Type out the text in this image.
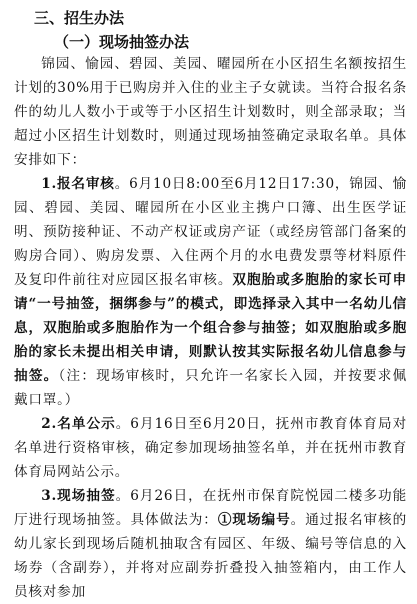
三、招生办法
（一）现场抽签办法

锦园、愉园、碧园、美园、曜园所在小区招生名额按招生计划的30%用于已购房并入住的业主子女就读。当符合报名条件的幼儿人数小于或等于小区招生计划数时，则全部录取；当超过小区招生计划数时，则通过现场抽签确定录取名单。具体安排如下：

1.报名审核。6月10日8:00至6月12日17:30，锦园、愉园、碧园、美园、曜园所在小区业主携户口簿、出生医学证明、预防接种证、不动产权证或房产证（或经房管部门备案的购房合同）、购房发票、入住两个月的水电费发票等材料原件及复印件前往对应园区报名审核。双胞胎或多胞胎的家长可申请“一号抽签，捆绑参与”的模式，即选择录入其中一名幼儿信息，双胞胎或多胞胎作为一个组合参与抽签；如双胞胎或多胞胎的家长未提出相关申请，则默认按其实际报名幼儿信息参与抽签。（注：现场审核时，只允许一名家长入园，并按要求佩戴口罩。）

2.名单公示。6月16日至6月20日，抚州市教育体育局对名单进行资格审核，确定参加现场抽签名单，并在抚州市教育体育局网站公示。

3.现场抽签。6月26日，在抚州市保育院悦园二楼多功能厅进行现场抽签。具体做法为：①现场编号。通过报名审核的幼儿家长到现场后随机抽取含有园区、年级、编号等信息的入场券（含副券），并将对应副券折叠投入抽签箱内，由工作人员核对参加
